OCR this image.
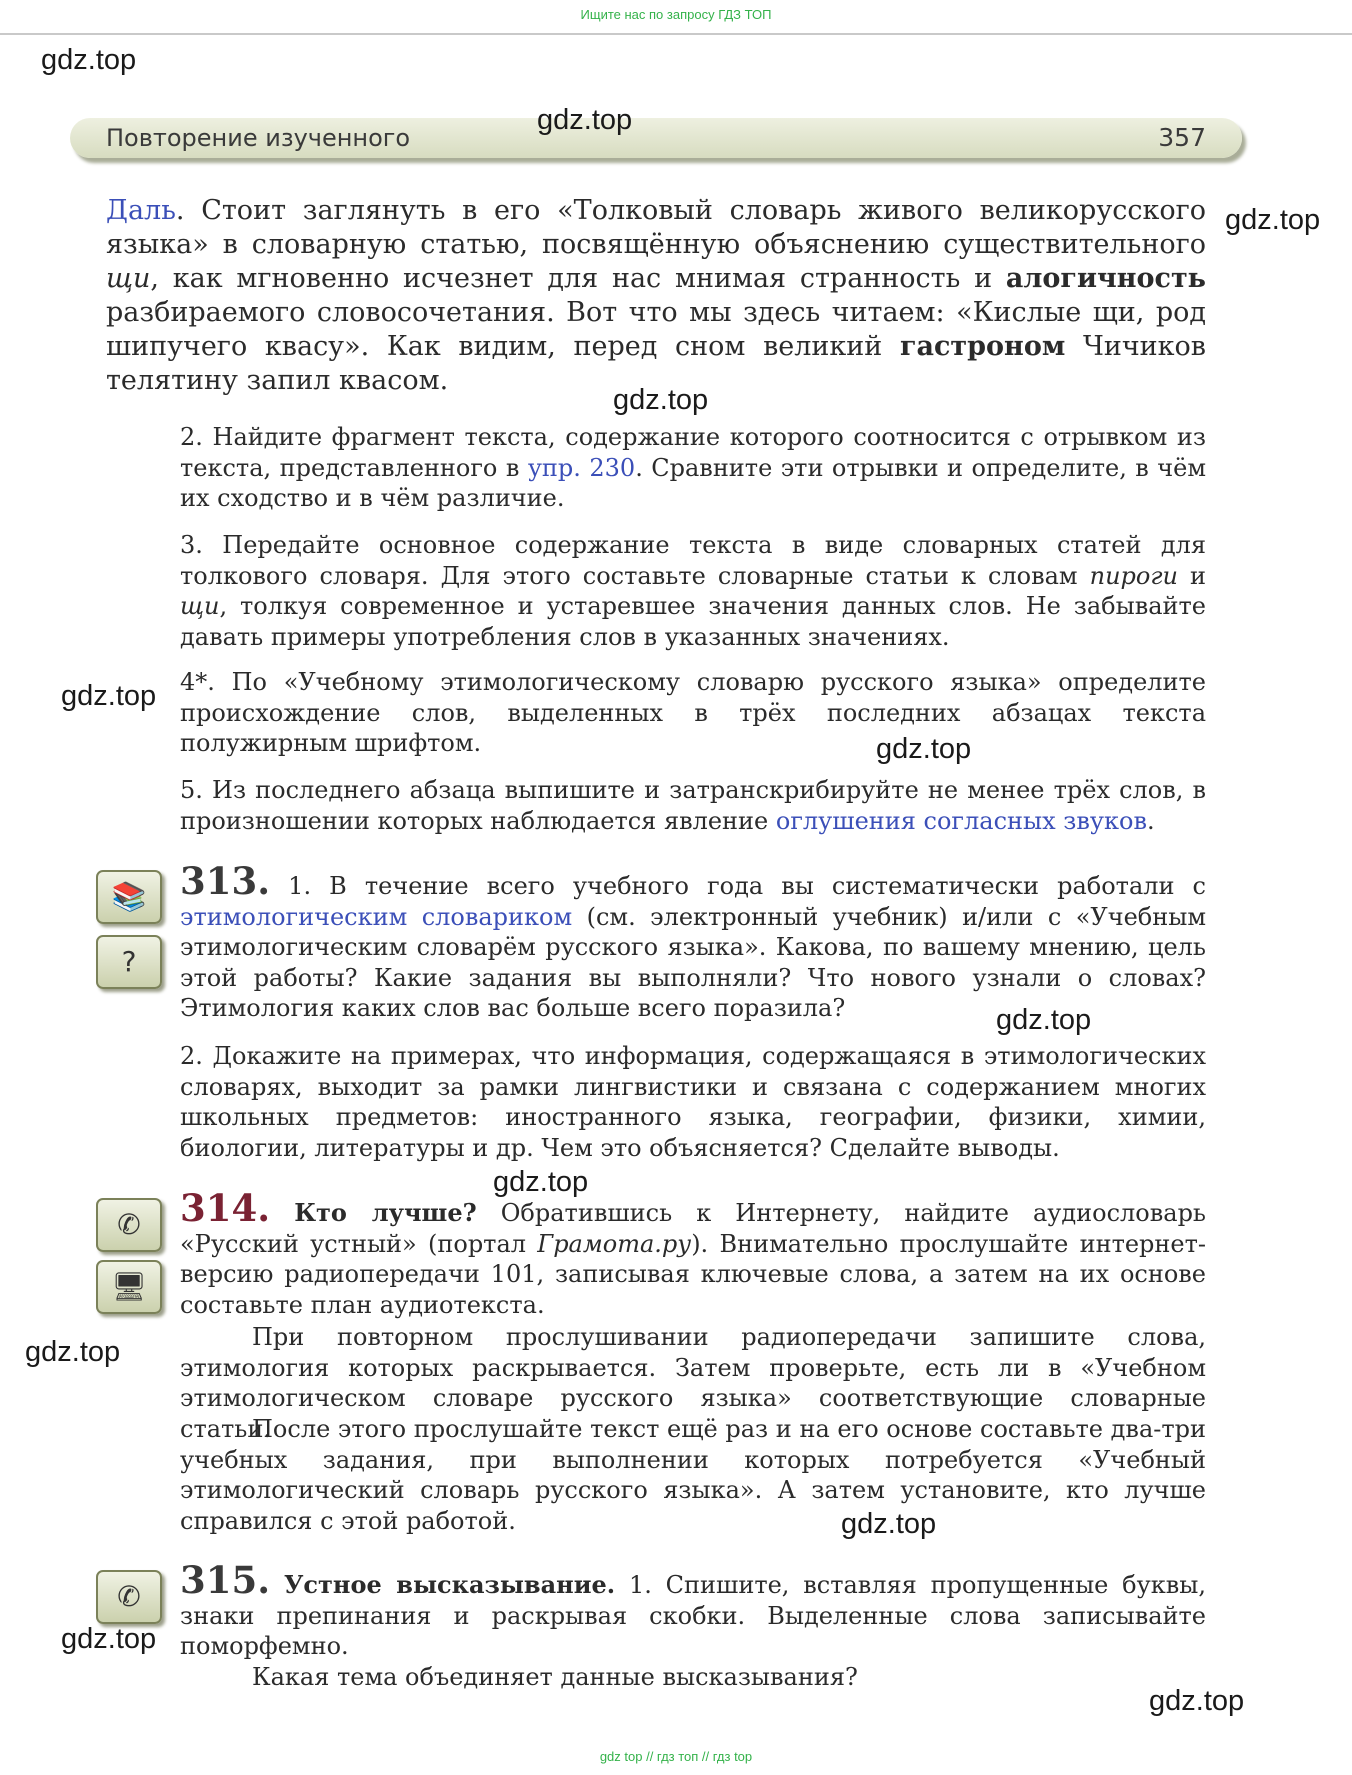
Ищите нас по запросу ГДЗ ТОП
Повторение изученного	357
Даль. Стоит заглянуть в его «Толковый словарь живого великорусского языка» в словарную статью, посвящённую объяснению существительного щи, как мгновенно исчезнет для нас мнимая странность и алогичность разбираемого словосочетания. Вот что мы здесь читаем: «Кислые щи, род шипучего квасу». Как видим, перед сном великий гастроном Чичиков телятину запил квасом.
2. Найдите фрагмент текста, содержание которого соотносится с отрывком из текста, представленного в упр. 230. Сравните эти отрывки и определите, в чём их сходство и в чём различие.
3. Передайте основное содержание текста в виде словарных статей для толкового словаря. Для этого составьте словарные статьи к словам пироги и щи, толкуя современное и устаревшее значения данных слов. Не забывайте давать примеры употребления слов в указанных значениях.
4*. По «Учебному этимологическому словарю русского языка» определите происхождение слов, выделенных в трёх последних абзацах текста полужирным шрифтом.
5. Из последнего абзаца выпишите и затранскрибируйте не менее трёх слов, в произношении которых наблюдается явление оглушения согласных звуков.
📚
?
313. 1. В течение всего учебного года вы систематически работали с этимологическим словариком (см. электронный учебник) и/или с «Учебным этимологическим словарём русского языка». Какова, по вашему мнению, цель этой работы? Какие задания вы выполняли? Что нового узнали о словах? Этимология каких слов вас больше всего поразила?
2. Докажите на примерах, что информация, содержащаяся в этимологических словарях, выходит за рамки лингвистики и связана с содержанием многих школьных предметов: иностранного языка, географии, физики, химии, биологии, литературы и др. Чем это объясняется? Сделайте выводы.
✆
🖥
314. Кто лучше? Обратившись к Интернету, найдите аудиословарь «Русский устный» (портал Грамота.ру). Внимательно прослушайте интернет-версию радиопередачи 101, записывая ключевые слова, а затем на их основе составьте план аудиотекста.
При повторном прослушивании радиопередачи запишите слова, этимология которых раскрывается. Затем проверьте, есть ли в «Учебном этимологическом словаре русского языка» соответствующие словарные статьи.
После этого прослушайте текст ещё раз и на его основе составьте два-три учебных задания, при выполнении которых потребуется «Учебный этимологический словарь русского языка». А затем установите, кто лучше справился с этой работой.
✆ 315. Устное высказывание. 1. Спишите, вставляя пропущенные буквы, знаки препинания и раскрывая скобки. Выделенные слова записывайте поморфемно.
Какая тема объединяет данные высказывания?
gdz.top
gdz.top
gdz.top
gdz.top
gdz.top
gdz.top
gdz.top
gdz.top
gdz.top
gdz.top
gdz.top
gdz.top
gdz top // гдз топ // гдз top
